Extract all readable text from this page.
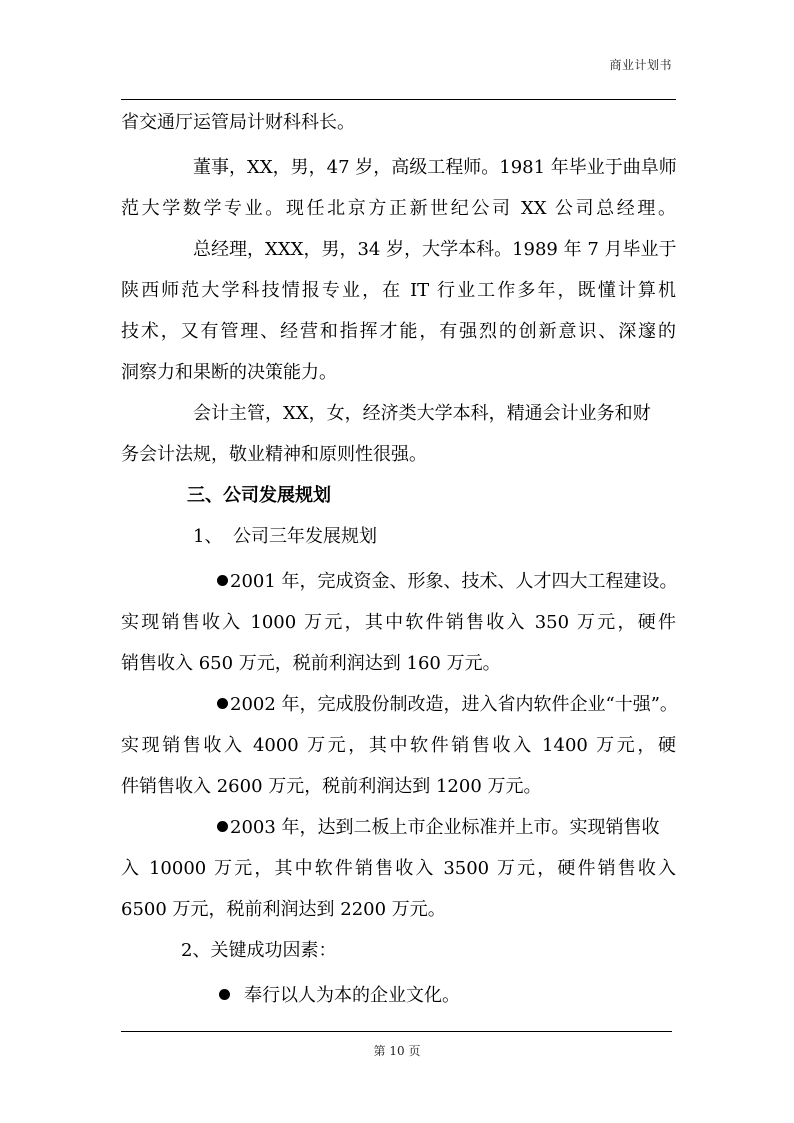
商业计划书
省交通厅运管局计财科科长。
董事，XX，男，47 岁，高级工程师。1981 年毕业于曲阜师
范大学数学专业。现任北京方正新世纪公司 XX 公司总经理。
总经理，XXX，男，34 岁，大学本科。1989 年 7 月毕业于
陕西师范大学科技情报专业，在 IT 行业工作多年，既懂计算机
技术，又有管理、经营和指挥才能，有强烈的创新意识、深邃的
洞察力和果断的决策能力。
会计主管，XX，女，经济类大学本科，精通会计业务和财
务会计法规，敬业精神和原则性很强。
三、公司发展规划
1、 公司三年发展规划
2001 年，完成资金、形象、技术、人才四大工程建设。
实现销售收入 1000 万元，其中软件销售收入 350 万元，硬件
销售收入 650 万元，税前利润达到 160 万元。
2002 年，完成股份制改造，进入省内软件企业“十强”。
实现销售收入 4000 万元，其中软件销售收入 1400 万元，硬
件销售收入 2600 万元，税前利润达到 1200 万元。
2003 年，达到二板上市企业标准并上市。实现销售收
入 10000 万元，其中软件销售收入 3500 万元，硬件销售收入
6500 万元，税前利润达到 2200 万元。
2、关键成功因素：
奉行以人为本的企业文化。
第 10 页
